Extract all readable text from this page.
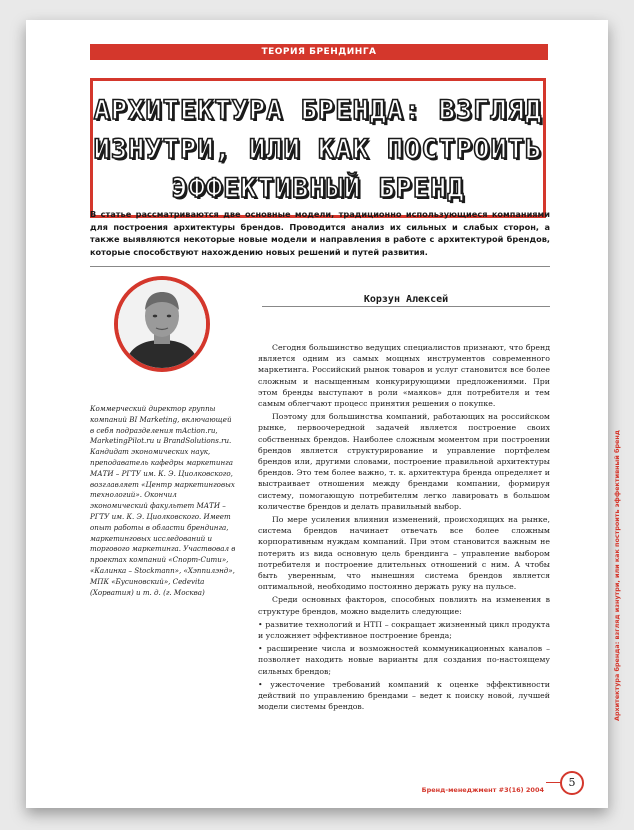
ТЕОРИЯ БРЕНДИНГА
АРХИТЕКТУРА БРЕНДА: ВЗГЛЯД
ИЗНУТРИ, ИЛИ КАК ПОСТРОИТЬ
ЭФФЕКТИВНЫЙ БРЕНД
В статье рассматриваются две основные модели, традиционно использующиеся компаниями для построения архитектуры брендов. Проводится анализ их сильных и слабых сторон, а также выявляются некоторые новые модели и направления в работе с архитектурой брендов, которые способствуют нахождению новых решений и путей развития.
Корзун Алексей
Коммерческий директор группы компаний BI Marketing, включающей в себя подразделения mAction.ru, MarketingPilot.ru и BrandSolutions.ru. Кандидат экономических наук, преподаватель кафедры маркетинга МАТИ – РГТУ им. К. Э. Циолковского, возглавляет «Центр маркетинговых технологий». Окончил экономический факультет МАТИ – РГТУ им. К. Э. Циолковского. Имеет опыт работы в области брендинга, маркетинговых исследований и торгового маркетинга. Участвовал в проектах компаний «Спорт-Сити», «Калинка – Stockmann», «Хэппилэнд», МПК «Бусиновский», Cedevita (Хорватия) и т. д. (г. Москва)

Сегодня большинство ведущих специалистов признают, что бренд является одним из самых мощных инструментов современного маркетинга. Российский рынок товаров и услуг становится все более сложным и насыщенным конкурирующими предложениями. При этом бренды выступают в роли «маяков» для потребителя и тем самым облегчают процесс принятия решения о покупке.

Поэтому для большинства компаний, работающих на российском рынке, первоочередной задачей является построение своих собственных брендов. Наиболее сложным моментом при построении брендов является структурирование и управление портфелем брендов или, другими словами, построение правильной архитектуры брендов. Это тем более важно, т. к. архитектура бренда определяет и выстраивает отношения между брендами компании, формируя систему, помогающую потребителям легко лавировать в большом количестве брендов и делать правильный выбор.

По мере усиления влияния изменений, происходящих на рынке, система брендов начинает отвечать все более сложным корпоративным нуждам компаний. При этом становится важным не потерять из вида основную цель брендинга – управление выбором потребителя и построение длительных отношений с ним. А чтобы быть уверенным, что нынешняя система брендов является оптимальной, необходимо постоянно держать руку на пульсе.

Среди основных факторов, способных повлиять на изменения в структуре брендов, можно выделить следующие:

• развитие технологий и НТП – сокращает жизненный цикл продукта и усложняет эффективное построение бренда;

• расширение числа и возможностей коммуникационных каналов – позволяет находить новые варианты для создания по-настоящему сильных брендов;

• ужесточение требований компаний к оценке эффективности действий по управлению брендами – ведет к поиску новой, лучшей модели системы брендов.	Архитектура бренда: взгляд изнутри, или как построить эффективный бренд
Бренд-менеджмент #3(16) 2004
5
